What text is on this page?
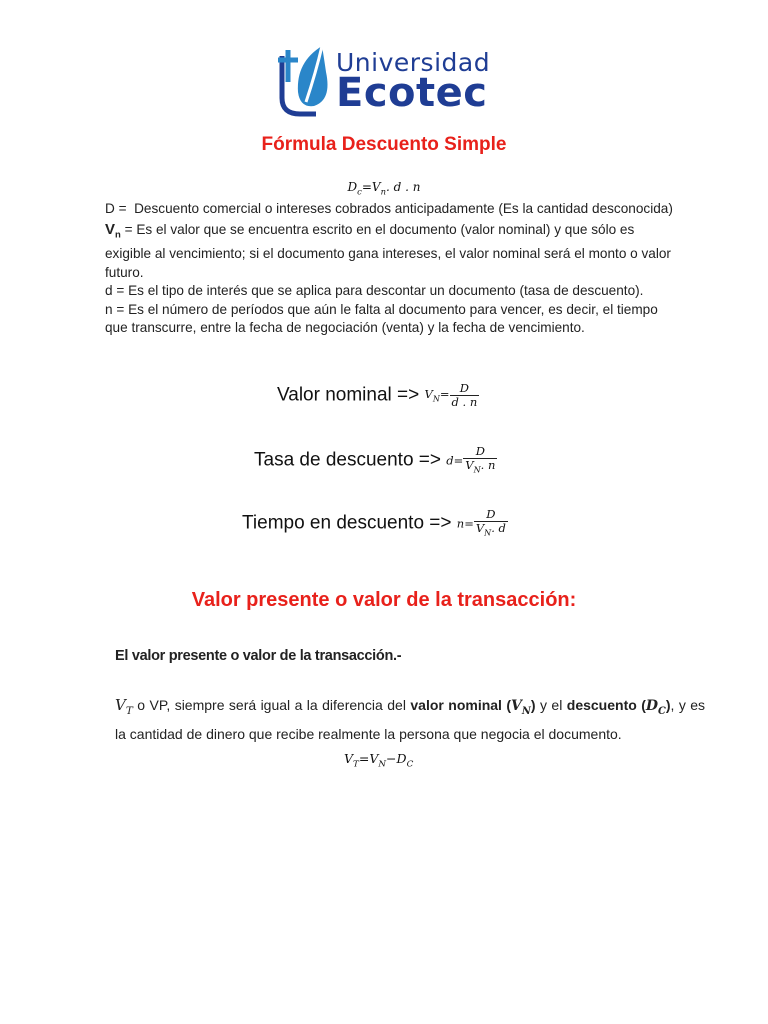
Universidad
Ecotec
Fórmula Descuento Simple
$D_c=V_n$. d . n
D = Descuento comercial o intereses cobrados anticipadamente (Es la cantidad desconocida)
$V_n = Es$ el valor que se encuentra escrito en el documento (valor nominal) y que sólo es exigible al vencimiento; si el documento gana intereses, el valor nominal será el monto o valor futuro.
d = Es el tipo de interés que se aplica para descontar un documento (tasa de descuento).
n = Es el número de períodos que aún le falta al documento para vencer, es decir, el tiempo que transcurre, entre la fecha de negociación (venta) y la fecha de vencimiento.
Valor nominal => $V_N= \frac{D}{d . n}$
Tasa de descuento => $d= \frac{D}{V_N. n}$
Tiempo en descuento => $n= \frac{D}{V_N. d}$
Valor presente o valor de la transacción:
El valor presente o valor de la transacción.-
$V_T$ o VP, siempre será igual a la diferencia del valor nominal $(V_N)$ y el descuento $(D_C)$, y es la cantidad de dinero que recibe realmente la persona que negocia el documento.
$V_T=V_N-D_C$
